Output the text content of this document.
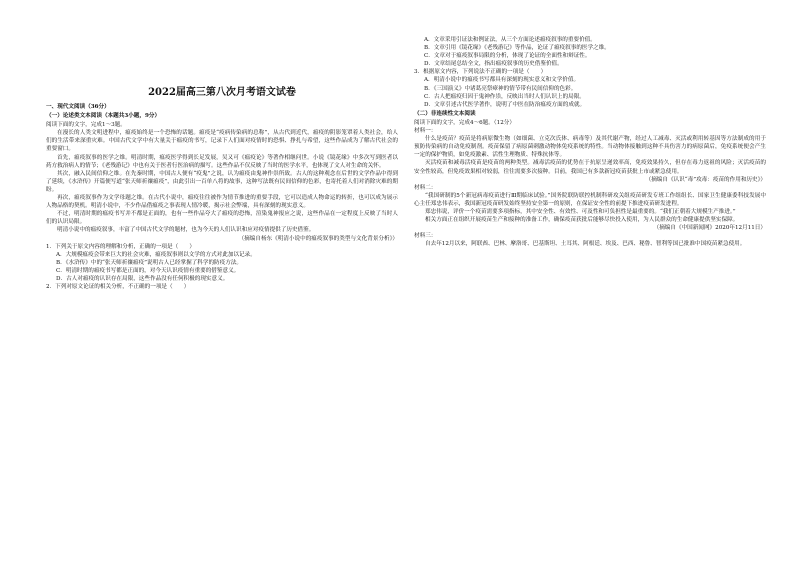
2022届高三第八次月考语文试卷
一、现代文阅读（36分）
（一）论述类文本阅读（本题共3小题，9分）
阅读下面的文字，完成1～3题。
在漫长的人类文明进程中，瘟疫始终是一个恐怖的话题。瘟疫是“疫病传染病的总称”，从古代到近代，瘟疫的阴影笼罩着人类社会，给人们的生活带来深重灾难。中国古代文学中有大量关于瘟疫的书写，记录下人们面对疫情时的恐惧、挣扎与希望，这些作品成为了解古代社会的重要窗口。
首先，瘟疫叙事的医学之维。明清时期，瘟疫医学得到长足发展，吴又可《瘟疫论》等著作相继问世。小说《镜花缘》中多次写到医者以药方救治病人的情节；《老残游记》中也有关于医者行医治病的描写。这些作品不仅反映了当时的医学水平，也体现了文人对生命的关怀。
其次，融入民间信仰之维。在先秦时期，中国古人便有“疫鬼”之说，认为瘟疫由鬼神作祟所致。古人的这种观念在后世的文学作品中得到了延续，《水浒传》开篇便写道“张天师祈禳瘟疫”，由此引出一百单八将的故事，这种写法既有民间信仰的色彩，也寄托着人们对消除灾难的期盼。
再次，瘟疫叙事作为文学母题之维。在古代小说中，瘟疫往往被作为情节推进的重要手段，它可以造成人物命运的转折，也可以成为展示人物品格的契机。明清小说中，不少作品借瘟疫之事表现人情冷暖，揭示社会弊端，具有深刻的现实意义。
不过，明清时期的瘟疫书写并不都是正面的，也有一些作品夸大了瘟疫的恐怖，渲染鬼神报应之说，这些作品在一定程度上反映了当时人们的认识局限。
明清小说中的瘟疫叙事，丰富了中国古代文学的题材，也为今天的人们认识和应对疫情提供了历史借鉴。
（摘编自杨东《明清小说中的瘟疫叙事的类型与文化背景分析》）
1．下列关于原文内容的理解和分析，正确的一项是（　　）
A．大规模瘟疫会带来巨大的社会灾难，瘟疫叙事则以文学的方式对此加以记录。
B．《水浒传》中的“张天师祈禳瘟疫”说明古人已经掌握了科学的防疫方法。
C．明清时期的瘟疫书写都是正面的，对今天认识疫情有重要的借鉴意义。
D．古人对瘟疫的认识存在局限，这些作品没有任何积极的现实意义。
2．下列对原文论证的相关分析，不正确的一项是（　　）
A．文章采用引证法和例证法，从三个方面论述瘟疫叙事的重要价值。
B．文章引用《镜花缘》《老残游记》等作品，论证了瘟疫叙事的医学之维。
C．文章对于瘟疫叙事局限的分析，体现了论证的全面性和辩证性。
D．文章结尾总结全文，指出瘟疫叙事的历史借鉴价值。
3．根据原文内容，下列说法不正确的一项是（　　）
A．明清小说中的瘟疫书写都具有深刻的现实意义和文学价值。
B．《三国演义》中诸葛亮祭瘴神的情节带有民间信仰的色彩。
C．古人把瘟疫归因于鬼神作祟，反映出当时人们认识上的局限。
D．文章引述古代医学著作，说明了中医在防治瘟疫方面的成就。
（二）非连续性文本阅读
阅读下面的文字，完成4～6题。（12分）
材料一：
什么是疫苗？疫苗是将病原微生物（如细菌、立克次氏体、病毒等）及其代谢产物，经过人工减毒、灭活或利用转基因等方法制成的用于预防传染病的自动免疫制剂。疫苗保留了病原菌刺激动物体免疫系统的特性。当动物体接触到这种不具伤害力的病原菌后，免疫系统便会产生一定的保护物质，如免疫激素、活性生理物质、特殊抗体等。
灭活疫苗和减毒活疫苗是疫苗的两种类型。减毒活疫苗的优势在于抗原呈递效率高，免疫效果持久，但存在毒力返祖的风险；灭活疫苗的安全性较高，但免疫效果相对较弱，往往需要多次接种。目前，我国已有多款新冠疫苗获批上市或紧急使用。
（摘编自《认识“毒”攻毒：疫苗的作用和历史》）
材料二：
“我国研制的5个新冠病毒疫苗进行Ⅲ期临床试验。”国务院联防联控机制科研攻关组疫苗研发专班工作组组长、国家卫生健康委科技发展中心主任郑忠伟表示，我国新冠疫苗研发始终坚持安全第一的原则，在保证安全性的前提下推进疫苗研发进程。
郑忠伟说，评价一个疫苗需要多项指标，其中安全性、有效性、可及性和可负担性是最重要的。“我们正朝着大规模生产推进。”
相关方面正在组织开展疫苗生产和接种的准备工作，确保疫苗获批后能够尽快投入使用，为人民群众的生命健康提供坚实保障。
（摘编自《中国新闻网》2020年12月11日）
材料三：
自去年12月以来，阿联酋、巴林、摩洛哥、巴基斯坦、土耳其、阿根廷、埃及、巴西、秘鲁、智利等国已批准中国疫苗紧急使用。
